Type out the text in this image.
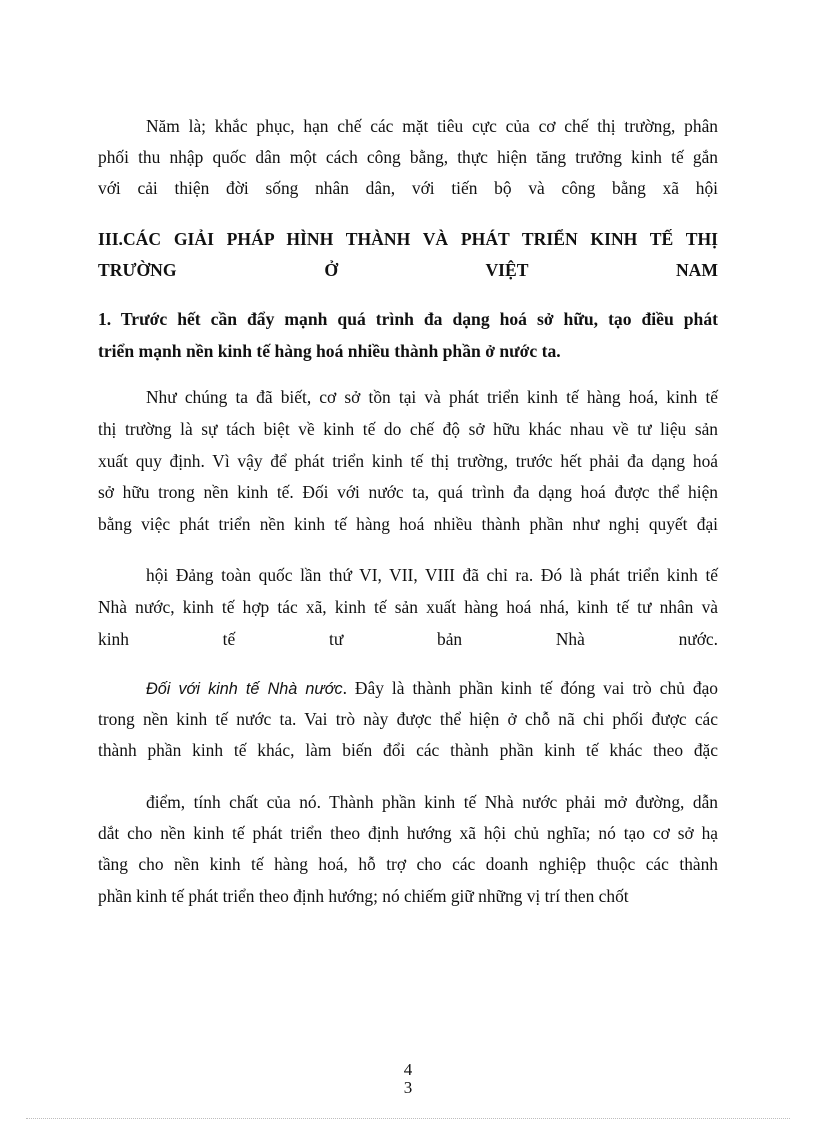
Năm là; khắc phục, hạn chế các mặt tiêu cực của cơ chế thị trường, phân
phối thu nhập quốc dân một cách công bằng, thực hiện tăng trưởng kinh tế gắn
với cải thiện đời sống nhân dân, với tiến bộ và công bằng xã hội
III.CÁC GIẢI PHÁP HÌNH THÀNH VÀ PHÁT TRIỂN KINH TẾ THỊ
TRƯỜNG	Ở	VIỆT	NAM
1. Trước hết cần đẩy mạnh quá trình đa dạng hoá sở hữu, tạo điều phát
triển mạnh nền kinh tế hàng hoá nhiều thành phần ở nước ta.
Như chúng ta đã biết, cơ sở tồn tại và phát triển kinh tế hàng hoá, kinh tế
thị trường là sự tách biệt về kinh tế do chế độ sở hữu khác nhau về tư liệu sản
xuất quy định. Vì vậy để phát triển kinh tế thị trường, trước hết phải đa dạng hoá
sở hữu trong nền kinh tế. Đối với nước ta, quá trình đa dạng hoá được thể hiện
bằng việc phát triển nền kinh tế hàng hoá nhiều thành phần như nghị quyết đại
hội Đảng toàn quốc lần thứ VI, VII, VIII đã chỉ ra. Đó là phát triển kinh tế
Nhà nước, kinh tế hợp tác xã, kinh tế sản xuất hàng hoá nhá, kinh tế tư nhân và
kinh	tế	tư	bản	Nhà	nước.
Đối với kinh tế Nhà nước. Đây là thành phần kinh tế đóng vai trò chủ đạo
trong nền kinh tế nước ta. Vai trò này được thể hiện ở chỗ nã chi phối được các
thành phần kinh tế khác, làm biến đổi các thành phần kinh tế khác theo đặc
điểm, tính chất của nó. Thành phần kinh tế Nhà nước phải mở đường, dẫn
dắt cho nền kinh tế phát triển theo định hướng xã hội chủ nghĩa; nó tạo cơ sở hạ
tầng cho nền kinh tế hàng hoá, hỗ trợ cho các doanh nghiệp thuộc các thành
phần kinh tế phát triển theo định hướng; nó chiếm giữ những vị trí then chốt
4
3
